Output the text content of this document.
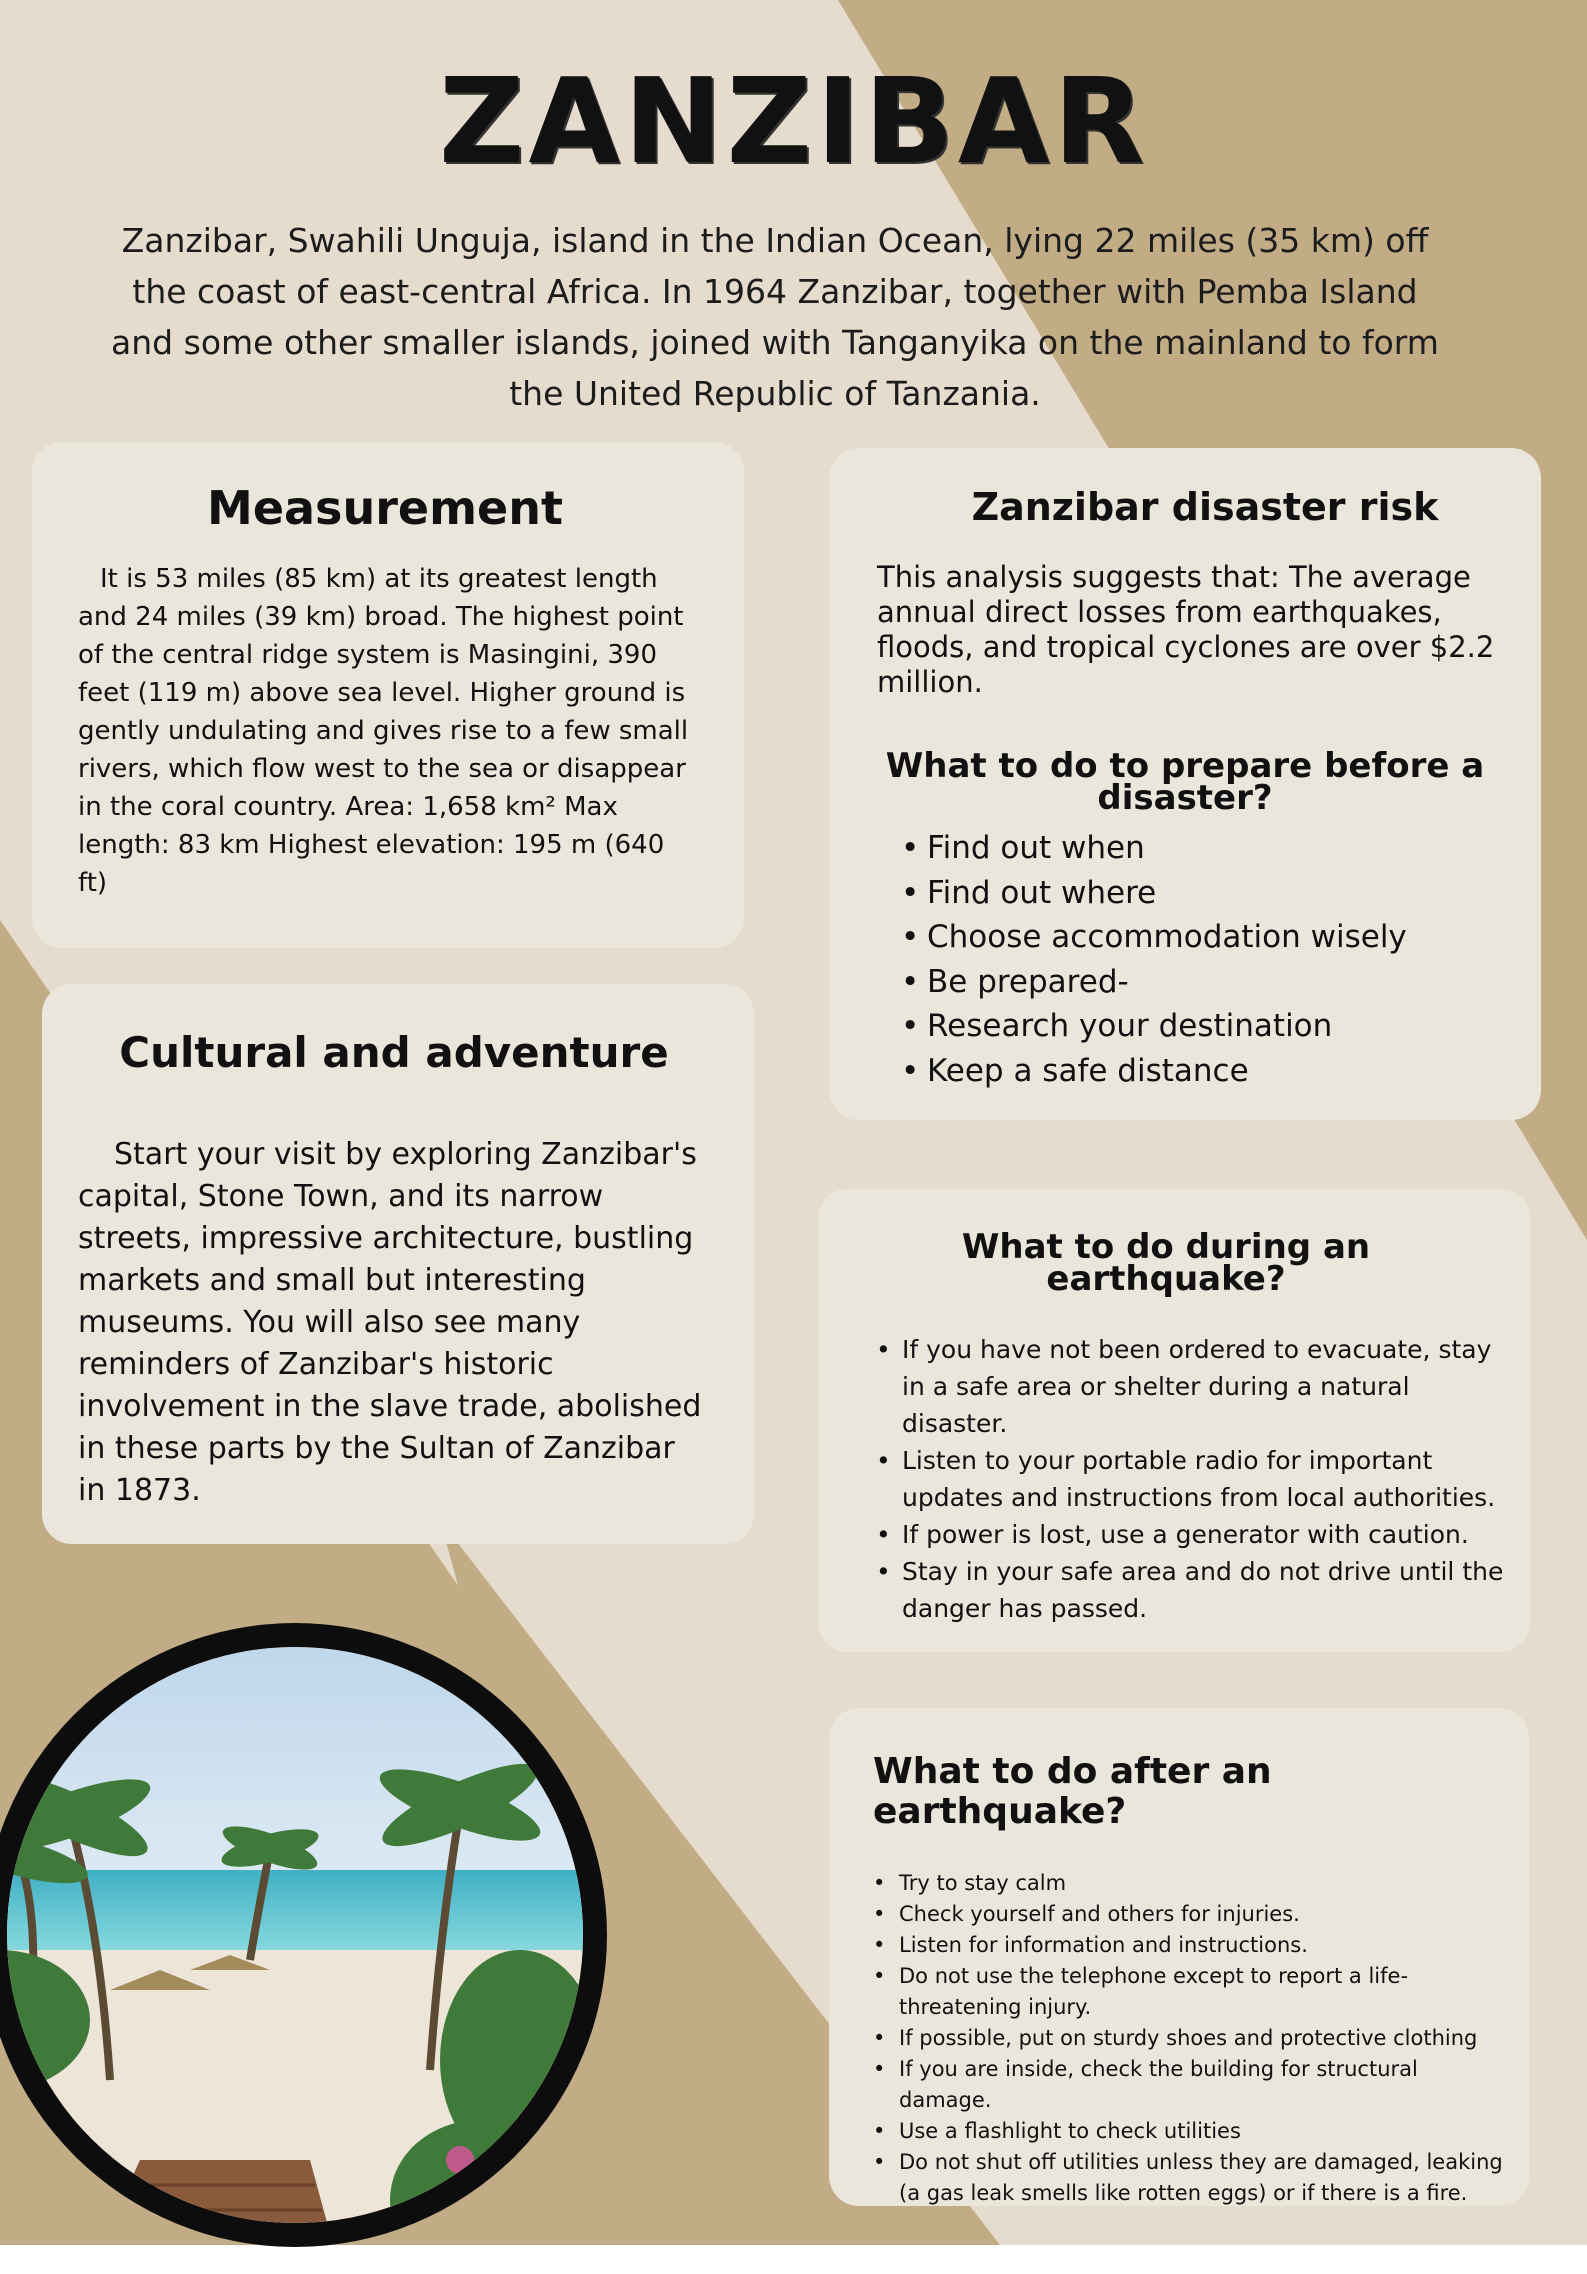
ZANZIBAR

Zanzibar, Swahili Unguja, island in the Indian Ocean, lying 22 miles (35 km) off the coast of east-central Africa. In 1964 Zanzibar, together with Pemba Island and some other smaller islands, joined with Tanganyika on the mainland to form the United Republic of Tanzania.

Measurement

It is 53 miles (85 km) at its greatest length and 24 miles (39 km) broad. The highest point of the central ridge system is Masingini, 390 feet (119 m) above sea level. Higher ground is gently undulating and gives rise to a few small rivers, which flow west to the sea or disappear in the coral country. Area: 1,658 km² Max length: 83 km Highest elevation: 195 m (640 ft)

Cultural and adventure

Start your visit by exploring Zanzibar's capital, Stone Town, and its narrow streets, impressive architecture, bustling markets and small but interesting museums. You will also see many reminders of Zanzibar's historic involvement in the slave trade, abolished in these parts by the Sultan of Zanzibar in 1873.

Zanzibar disaster risk

This analysis suggests that: The average annual direct losses from earthquakes, floods, and tropical cyclones are over $2.2 million.

What to do to prepare before a disaster?
• Find out when
• Find out where
• Choose accommodation wisely
• Be prepared-
• Research your destination
• Keep a safe distance
What to do during an earthquake?
• If you have not been ordered to evacuate, stay in a safe area or shelter during a natural disaster.
• Listen to your portable radio for important updates and instructions from local authorities.
• If power is lost, use a generator with caution.
• Stay in your safe area and do not drive until the danger has passed.
What to do after an earthquake?
• Try to stay calm
• Check yourself and others for injuries.
• Listen for information and instructions.
• Do not use the telephone except to report a life-threatening injury.
• If possible, put on sturdy shoes and protective clothing
• If you are inside, check the building for structural damage.
• Use a flashlight to check utilities
• Do not shut off utilities unless they are damaged, leaking (a gas leak smells like rotten eggs) or if there is a fire.
